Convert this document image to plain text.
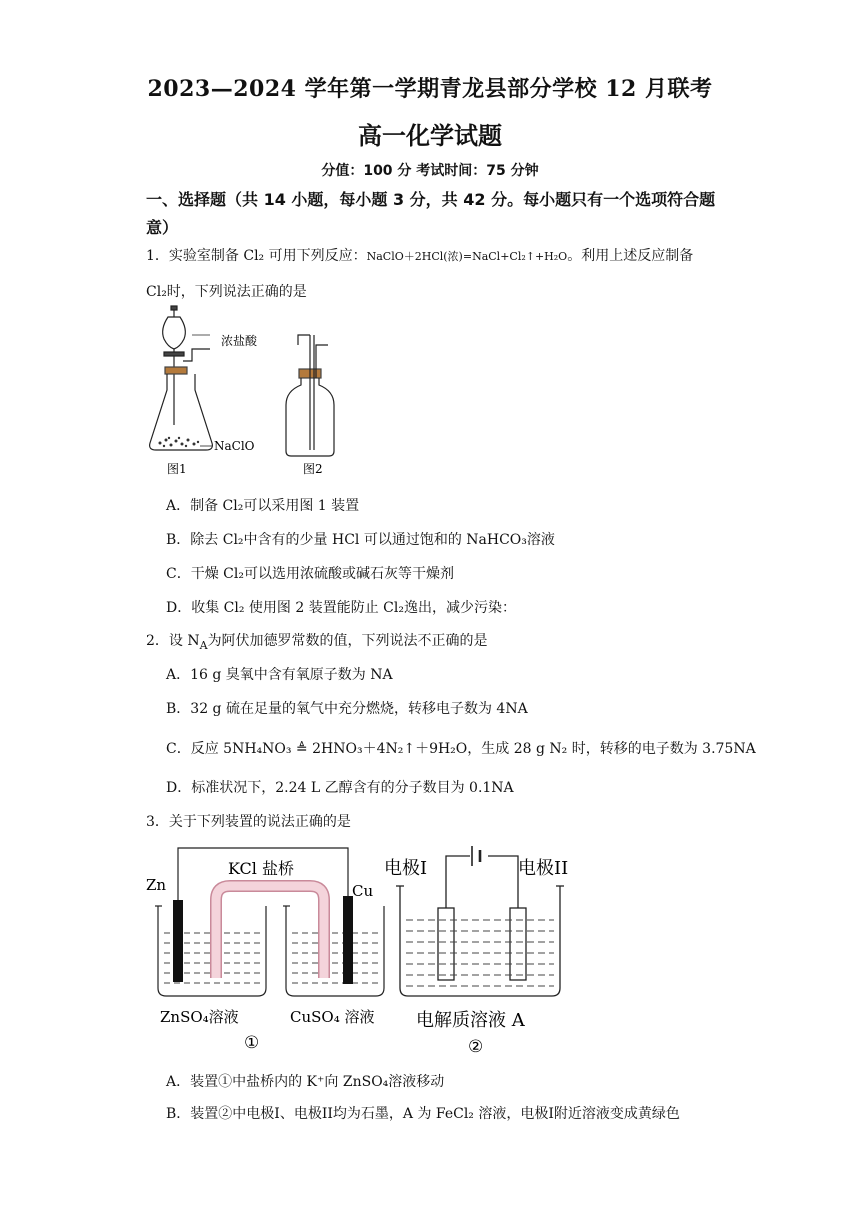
2023—2024 学年第一学期青龙县部分学校 12 月联考
高一化学试题
分值：100 分 考试时间：75 分钟
一、选择题（共 14 小题，每小题 3 分，共 42 分。每小题只有一个选项符合题意）
1．实验室制备 Cl₂ 可用下列反应：NaClO＋2HCl(浓)=NaCl+Cl₂↑+H₂O。利用上述反应制备
Cl₂时，下列说法正确的是
浓盐酸
NaClO
图1	图2
A．制备 Cl₂可以采用图 1 装置
B．除去 Cl₂中含有的少量 HCl 可以通过饱和的 NaHCO₃溶液
C．干燥 Cl₂可以选用浓硫酸或碱石灰等干燥剂
D．收集 Cl₂ 使用图 2 装置能防止 Cl₂逸出，减少污染：
2．设 $N_A$为阿伏加德罗常数的值，下列说法不正确的是
A．16 g 臭氧中含有氧原子数为 NA
B．32 g 硫在足量的氧气中充分燃烧，转移电子数为 4NA
C．反应 5NH₄NO₃ ≜ 2HNO₃＋4N₂↑＋9H₂O，生成 28 g N₂ 时，转移的电子数为 3.75NA
D．标准状况下，2.24 L 乙醇含有的分子数目为 0.1NA
3．关于下列装置的说法正确的是
KCl 盐桥
Zn	Cu
ZnSO₄溶液	CuSO₄ 溶液
①
电极I	电极II
电解质溶液 A
②
A．装置①中盐桥内的 K⁺向 ZnSO₄溶液移动
B．装置②中电极I、电极II均为石墨，A 为 FeCl₂ 溶液，电极I附近溶液变成黄绿色
